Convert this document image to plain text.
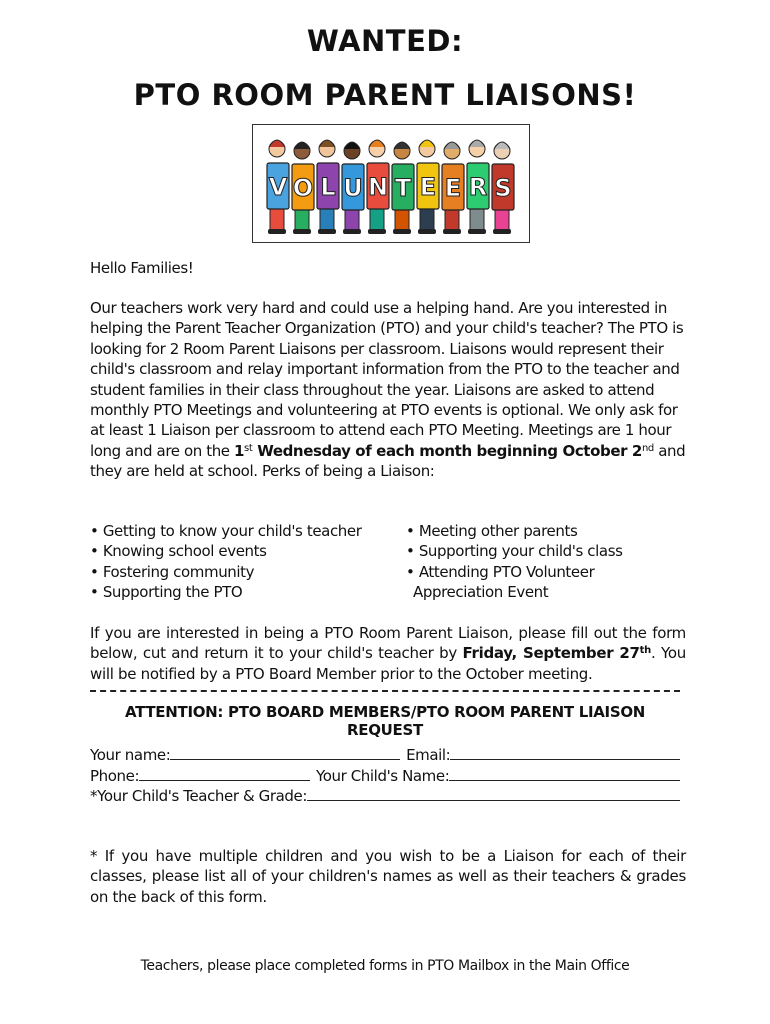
WANTED:
PTO ROOM PARENT LIAISONS!
V O L U N T E E R S
Hello Families!
Our teachers work very hard and could use a helping hand. Are you interested in helping the Parent Teacher Organization (PTO) and your child's teacher? The PTO is looking for 2 Room Parent Liaisons per classroom. Liaisons would represent their child's classroom and relay important information from the PTO to the teacher and student families in their class throughout the year. Liaisons are asked to attend monthly PTO Meetings and volunteering at PTO events is optional. We only ask for at least 1 Liaison per classroom to attend each PTO Meeting. Meetings are 1 hour long and are on the 1st Wednesday of each month beginning October 2nd and they are held at school. Perks of being a Liaison:
• Getting to know your child's teacher
• Knowing school events
• Fostering community
• Supporting the PTO
• Meeting other parents
• Supporting your child's class
• Attending PTO Volunteer
Appreciation Event
If you are interested in being a PTO Room Parent Liaison, please fill out the form below, cut and return it to your child's teacher by Friday, September 27th. You will be notified by a PTO Board Member prior to the October meeting.
ATTENTION: PTO BOARD MEMBERS/PTO ROOM PARENT LIAISON REQUEST
Your name:	Email:
Phone:	Your Child's Name:
*Your Child's Teacher & Grade:
* If you have multiple children and you wish to be a Liaison for each of their classes, please list all of your children's names as well as their teachers & grades on the back of this form.
Teachers, please place completed forms in PTO Mailbox in the Main Office
